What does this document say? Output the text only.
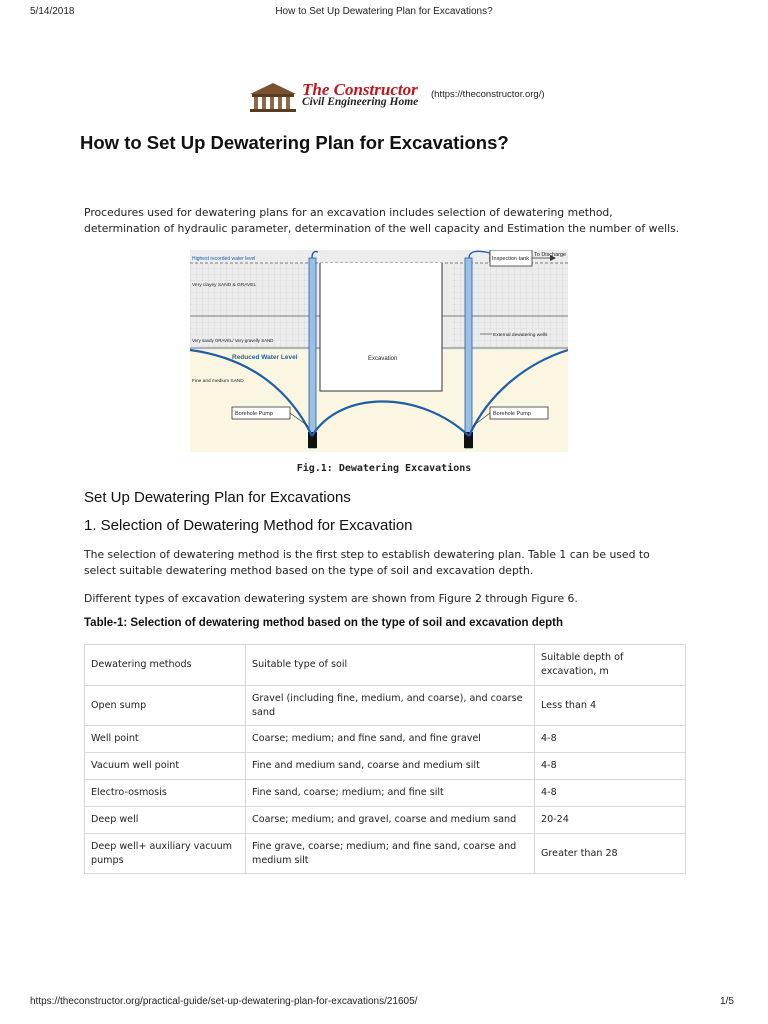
5/14/2018	How to Set Up Dewatering Plan for Excavations?
The Constructor
Civil Engineering Home
(https://theconstructor.org/)
How to Set Up Dewatering Plan for Excavations?

Procedures used for dewatering plans for an excavation includes selection of dewatering method, determination of hydraulic parameter, determination of the well capacity and Estimation the number of wells.

Highest recorded water level	Inspection tank
To Discharge
Very clayey SAND & GRAVEL
Very sandy GRAVEL/ Very gravelly SAND
Fine and medium SAND
Reduced Water Level	Excavation
External dewatering wells
Borehole Pump	Borehole Pump
Fig.1: Dewatering Excavations
Set Up Dewatering Plan for Excavations
1. Selection of Dewatering Method for Excavation

The selection of dewatering method is the first step to establish dewatering plan. Table 1 can be used to select suitable dewatering method based on the type of soil and excavation depth.

Different types of excavation dewatering system are shown from Figure 2 through Figure 6.

Table-1: Selection of dewatering method based on the type of soil and excavation depth
Dewatering methods	Suitable type of soil	Suitable depth of excavation, m
Open sump	Gravel (including fine, medium, and coarse), and coarse sand	Less than 4
Well point	Coarse; medium; and fine sand, and fine gravel	4-8
Vacuum well point	Fine and medium sand, coarse and medium silt	4-8
Electro-osmosis	Fine sand, coarse; medium; and fine silt	4-8
Deep well	Coarse; medium; and gravel, coarse and medium sand	20-24
Deep well+ auxiliary vacuum pumps	Fine grave, coarse; medium; and fine sand, coarse and medium silt	Greater than 28
https://theconstructor.org/practical-guide/set-up-dewatering-plan-for-excavations/21605/	1/5
